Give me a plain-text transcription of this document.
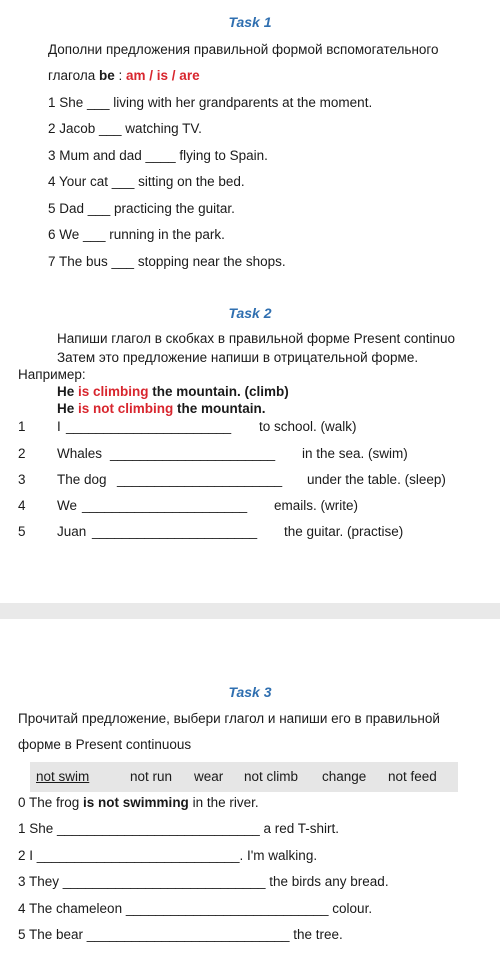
Task 1
Дополни предложения правильной формой вспомогательного
глагола be : am / is / are
1 She ___ living with her grandparents at the moment.
2 Jacob ___ watching TV.
3 Mum and dad ____ flying to Spain.
4 Your cat ___ sitting on the bed.
5 Dad ___ practicing the guitar.
6 We ___ running in the park.
7 The bus ___ stopping near the shops.
Task 2
Напиши глагол в скобках в правильной форме Present continuo
Затем это предложение напиши в отрицательной форме.
Например:
He is climbing the mountain. (climb)
He is not climbing the mountain.
1 I ______________________ to school. (walk)
2 Whales ______________________ in the sea. (swim)
3 The dog ______________________ under the table. (sleep)
4 We ______________________ emails. (write)
5 Juan ______________________ the guitar. (practise)
Task 3
Прочитай предложение, выбери глагол и напиши его в правильной
форме в Present continuous
not swim	not run wear not climb change not feed
0 The frog is not swimming in the river.
1 She ___________________________ a red T-shirt.
2 I ___________________________. I'm walking.
3 They ___________________________ the birds any bread.
4 The chameleon ___________________________ colour.
5 The bear ___________________________ the tree.
